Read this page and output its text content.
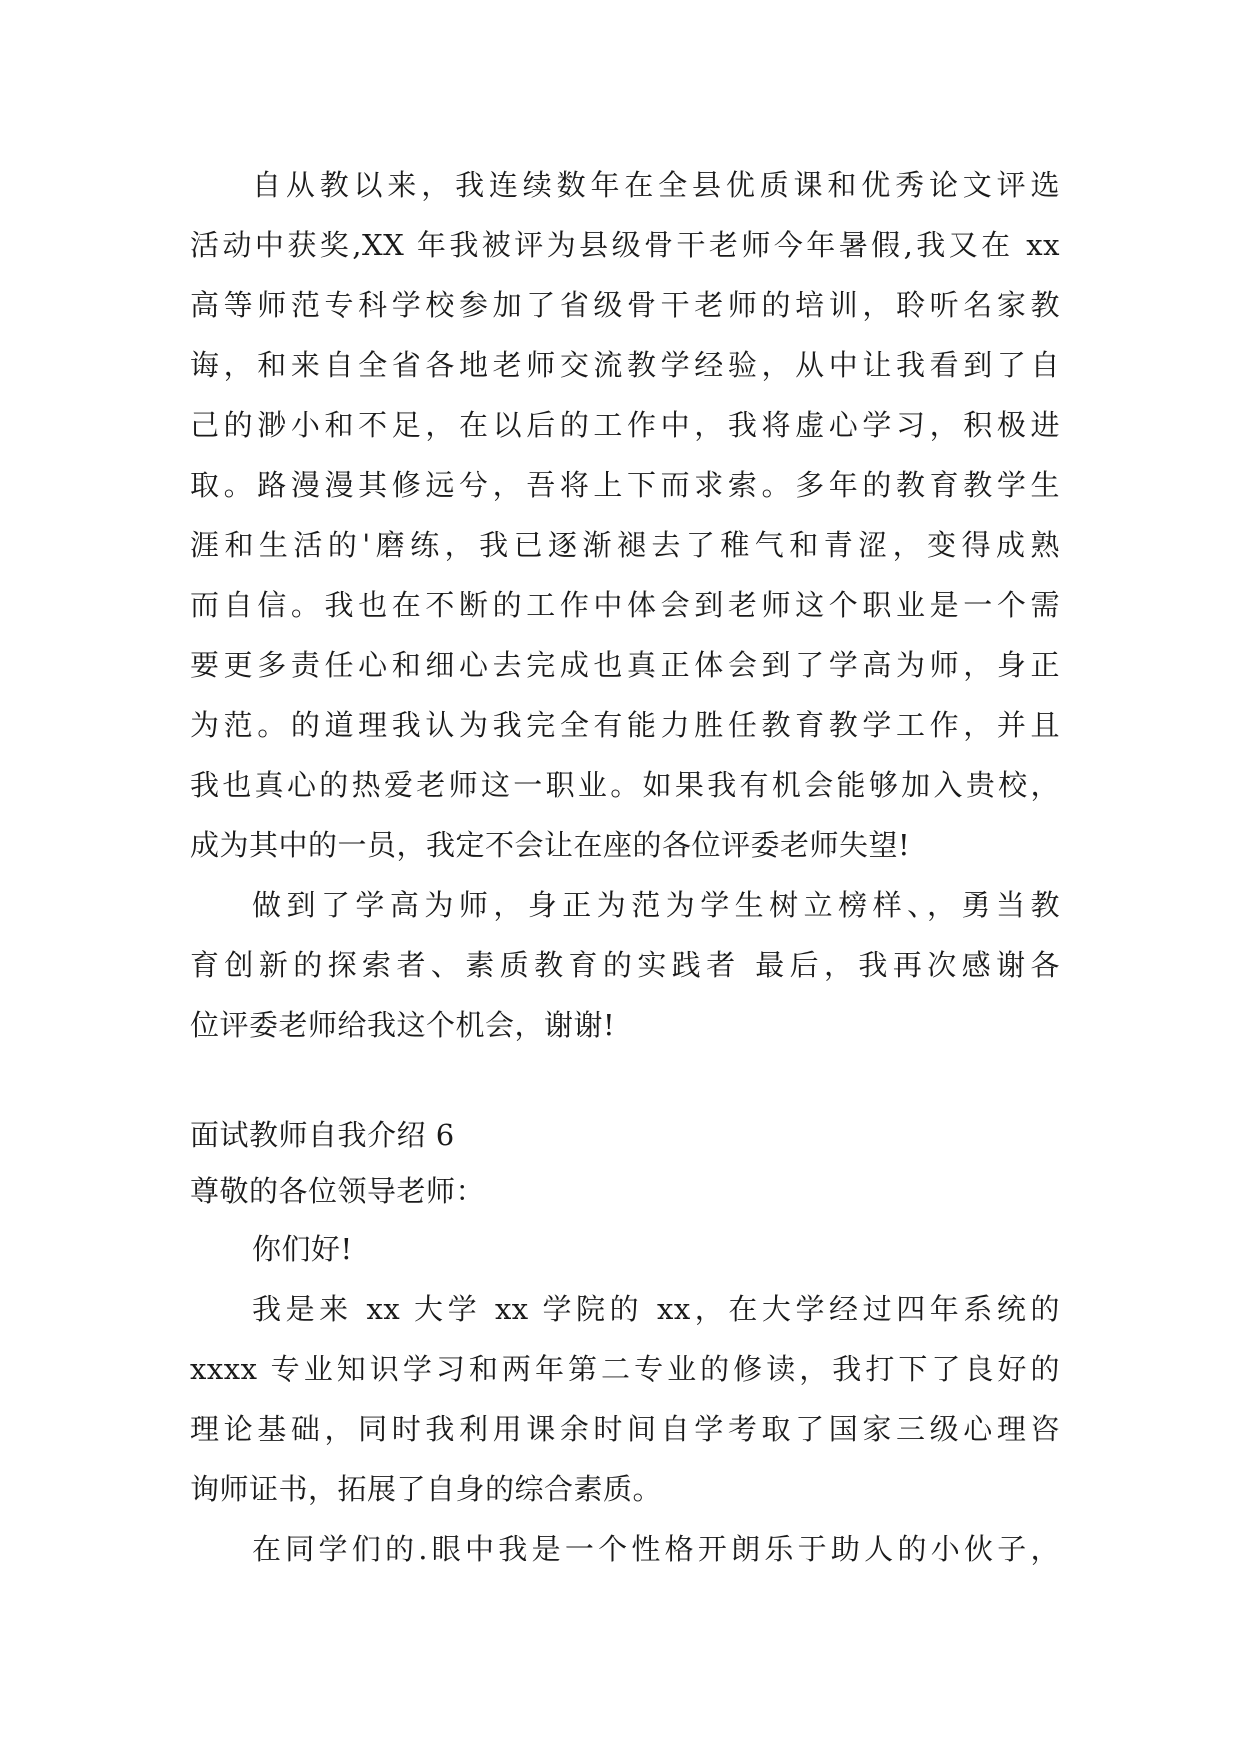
自从教以来，我连续数年在全县优质课和优秀论文评选
活动中获奖,XX 年我被评为县级骨干老师今年暑假,我又在 xx
高等师范专科学校参加了省级骨干老师的培训，聆听名家教
诲，和来自全省各地老师交流教学经验，从中让我看到了自
己的渺小和不足，在以后的工作中，我将虚心学习，积极进
取。路漫漫其修远兮，吾将上下而求索。多年的教育教学生
涯和生活的'磨练，我已逐渐褪去了稚气和青涩，变得成熟
而自信。我也在不断的工作中体会到老师这个职业是一个需
要更多责任心和细心去完成也真正体会到了学高为师，身正
为范。的道理我认为我完全有能力胜任教育教学工作，并且
我也真心的热爱老师这一职业。如果我有机会能够加入贵校，
成为其中的一员，我定不会让在座的各位评委老师失望!
做到了学高为师，身正为范为学生树立榜样、，勇当教
育创新的探索者、素质教育的实践者 最后，我再次感谢各
位评委老师给我这个机会，谢谢!
面试教师自我介绍 6
尊敬的各位领导老师：
你们好!
我是来 xx 大学 xx 学院的 xx，在大学经过四年系统的
xxxx 专业知识学习和两年第二专业的修读，我打下了良好的
理论基础，同时我利用课余时间自学考取了国家三级心理咨
询师证书，拓展了自身的综合素质。
在同学们的.眼中我是一个性格开朗乐于助人的小伙子，
